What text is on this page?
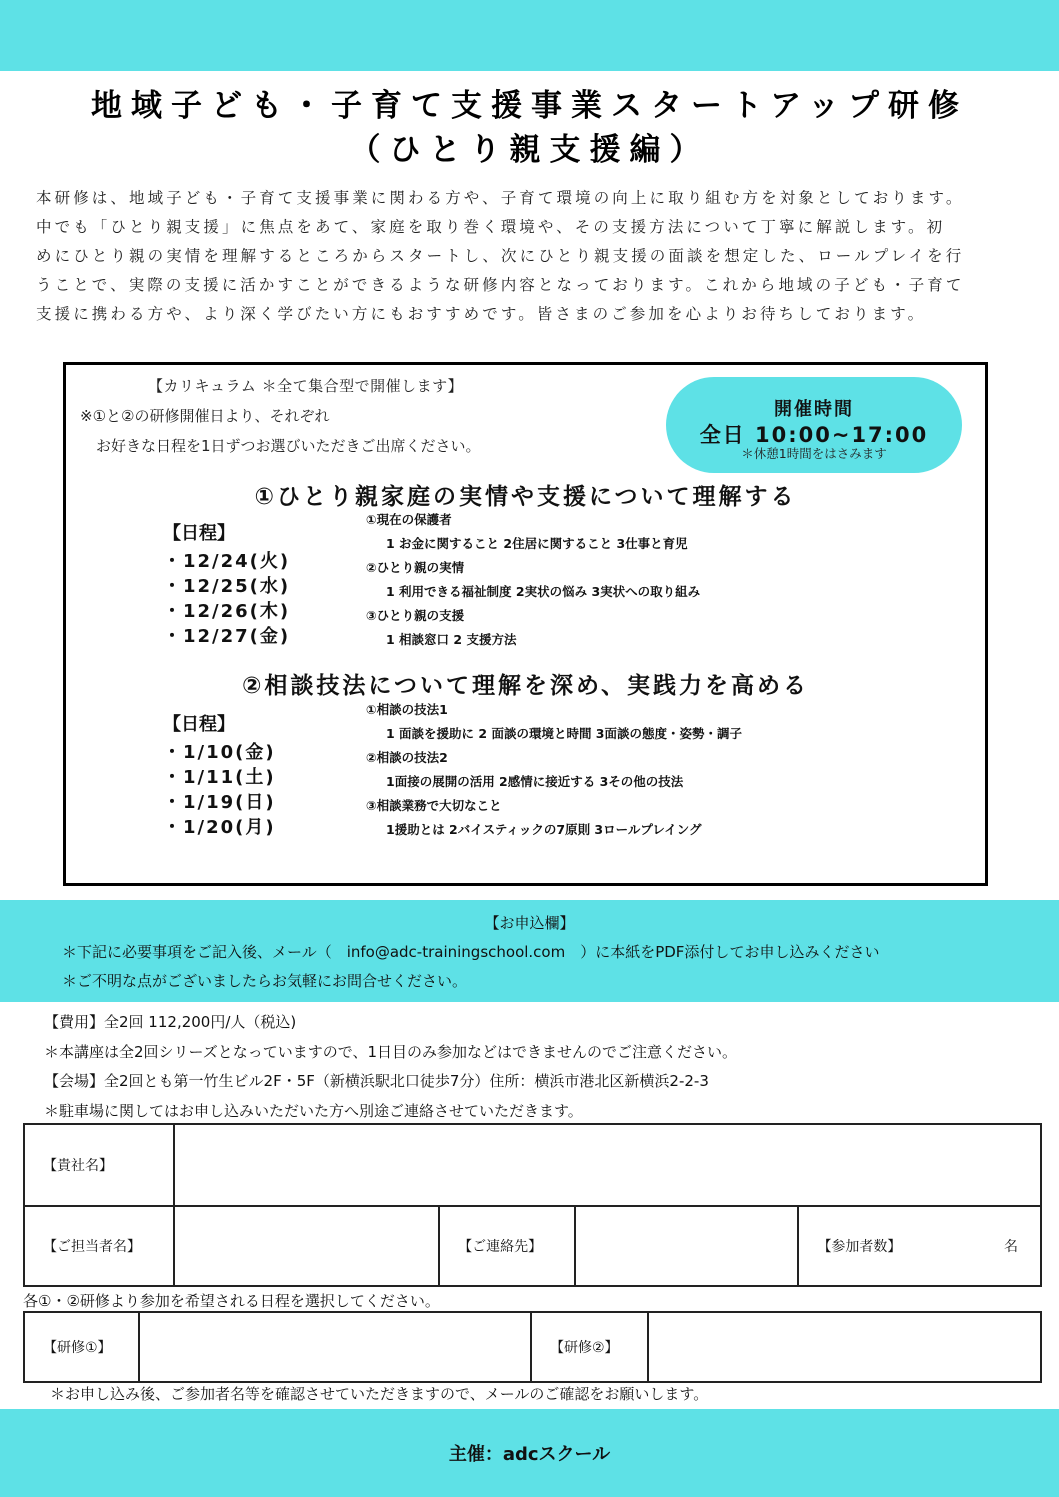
地域子ども・子育て支援事業スタートアップ研修
（ひとり親支援編）
本研修は、地域子ども・子育て支援事業に関わる方や、子育て環境の向上に取り組む方を対象としております。
中でも「ひとり親支援」に焦点をあて、家庭を取り巻く環境や、その支援方法について丁寧に解説します。初
めにひとり親の実情を理解するところからスタートし、次にひとり親支援の面談を想定した、ロールプレイを行
うことで、実際の支援に活かすことができるような研修内容となっております。これから地域の子ども・子育て
支援に携わる方や、より深く学びたい方にもおすすめです。皆さまのご参加を心よりお待ちしております。
【カリキュラム ＊全て集合型で開催します】
※①と②の研修開催日より、それぞれ
お好きな日程を1日ずつお選びいただきご出席ください。
開催時間
全日 10:00~17:00
＊休憩1時間をはさみます
①ひとり親家庭の実情や支援について理解する
【日程】
・12/24(火)
・12/25(水)
・12/26(木)
・12/27(金)
①現在の保護者
1 お金に関すること 2住居に関すること 3仕事と育児
②ひとり親の実情
1 利用できる福祉制度 2実状の悩み 3実状への取り組み
③ひとり親の支援
1 相談窓口 2 支援方法
②相談技法について理解を深め、実践力を高める
【日程】
・1/10(金)
・1/11(土)
・1/19(日)
・1/20(月)
①相談の技法1
1 面談を援助に 2 面談の環境と時間 3面談の態度・姿勢・調子
②相談の技法2
1面接の展開の活用 2感情に接近する 3その他の技法
③相談業務で大切なこと
1援助とは 2バイスティックの7原則 3ロールプレイング
【お申込欄】
＊下記に必要事項をご記入後、メール（　info@adc-trainingschool.com　）に本紙をPDF添付してお申し込みください
＊ご不明な点がございましたらお気軽にお問合せください。
【費用】全2回 112,200円/人（税込)
＊本講座は全2回シリーズとなっていますので、1日目のみ参加などはできませんのでご注意ください。
【会場】全2回とも第一竹生ビル2F・5F（新横浜駅北口徒歩7分）住所：横浜市港北区新横浜2-2-3
＊駐車場に関してはお申し込みいただいた方へ別途ご連絡させていただきます。
【貴社名】				
【ご担当者名】		【ご連絡先】		【参加者数】 名
各①・②研修より参加を希望される日程を選択してください。
【研修①】		【研修②】	
＊お申し込み後、ご参加者名等を確認させていただきますので、メールのご確認をお願いします。
主催：adcスクール
